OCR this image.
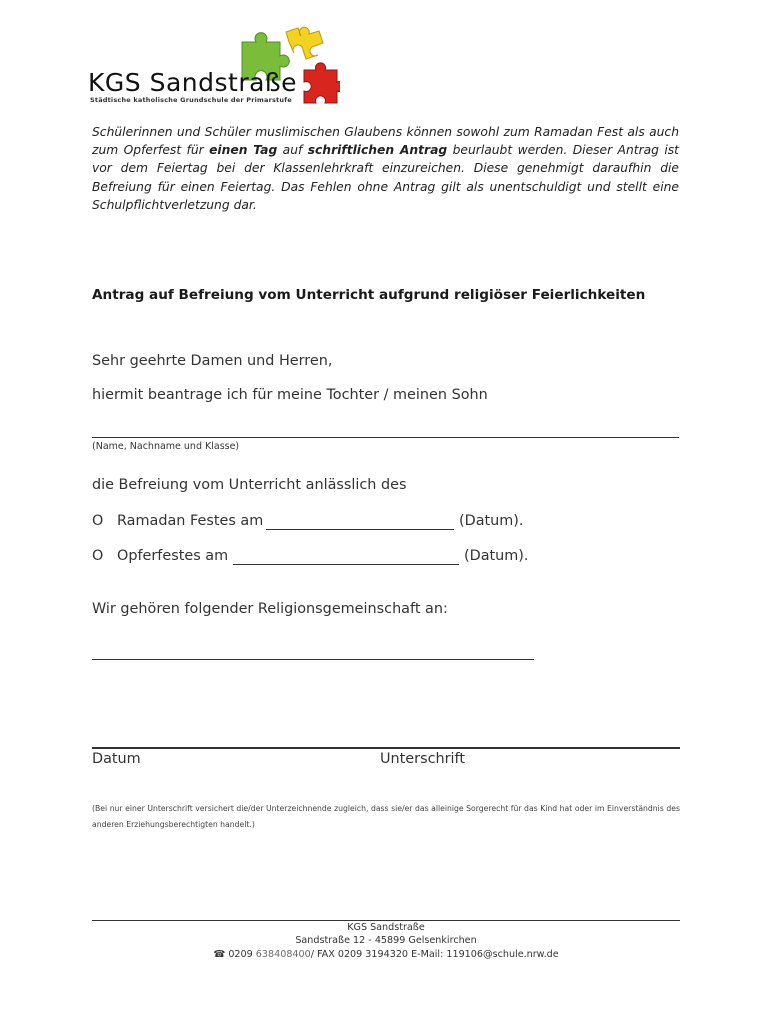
KGS Sandstraße
Städtische katholische Grundschule der Primarstufe
Schülerinnen und Schüler muslimischen Glaubens können sowohl zum Ramadan Fest als auch zum Opferfest für einen Tag auf schriftlichen Antrag beurlaubt werden. Dieser Antrag ist vor dem Feiertag bei der Klassenlehrkraft einzureichen. Diese genehmigt daraufhin die Befreiung für einen Feiertag. Das Fehlen ohne Antrag gilt als unentschuldigt und stellt eine Schulpflichtverletzung dar.
Antrag auf Befreiung vom Unterricht aufgrund religiöser Feierlichkeiten
Sehr geehrte Damen und Herren,
hiermit beantrage ich für meine Tochter / meinen Sohn
(Name, Nachname und Klasse)
die Befreiung vom Unterricht anlässlich des
O Ramadan Festes am	(Datum).
O Opferfestes am	(Datum).
Wir gehören folgender Religionsgemeinschaft an:
Datum	Unterschrift
(Bei nur einer Unterschrift versichert die/der Unterzeichnende zugleich, dass sie/er das alleinige Sorgerecht für das Kind hat oder im Einverständnis des anderen Erziehungsberechtigten handelt.)
KGS Sandstraße
Sandstraße 12 - 45899 Gelsenkirchen
☎ 0209 638408400/ FAX 0209 3194320 E-Mail: 119106@schule.nrw.de
